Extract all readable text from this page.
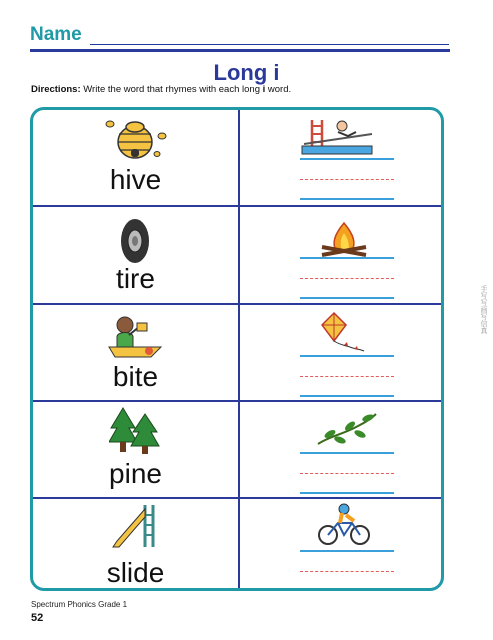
Name
Long i
Directions: Write the word that rhymes with each long i word.
hive
tire
bite
pine
slide
Spectrum Phonics Grade 1
52
手写写画写信真
